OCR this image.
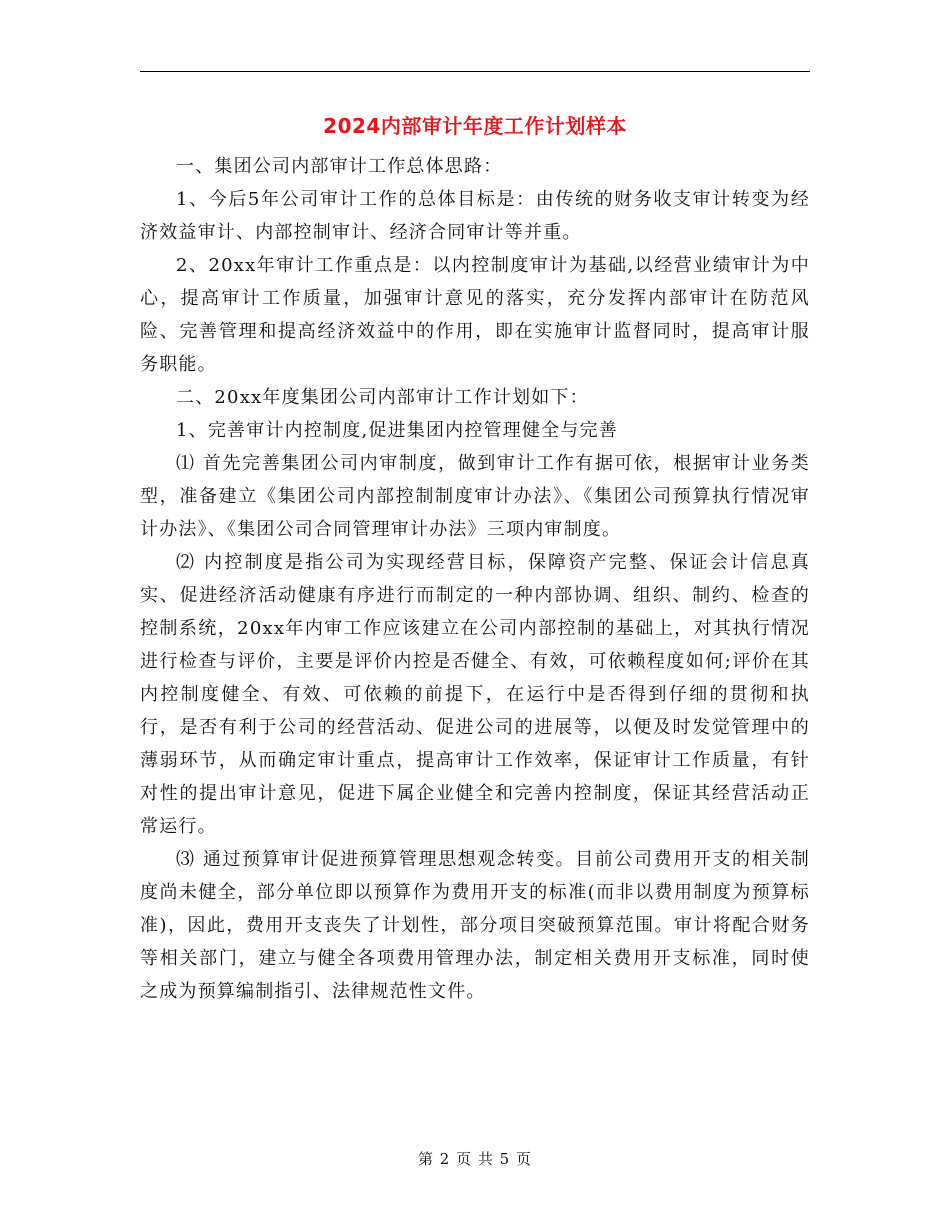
2024内部审计年度工作计划样本

一、集团公司内部审计工作总体思路：

1、今后5年公司审计工作的总体目标是：由传统的财务收支审计转变为经济效益审计、内部控制审计、经济合同审计等并重。

2、20xx年审计工作重点是：以内控制度审计为基础,以经营业绩审计为中心，提高审计工作质量，加强审计意见的落实，充分发挥内部审计在防范风险、完善管理和提高经济效益中的作用，即在实施审计监督同时，提高审计服务职能。

二、20xx年度集团公司内部审计工作计划如下：

1、完善审计内控制度,促进集团内控管理健全与完善

⑴ 首先完善集团公司内审制度，做到审计工作有据可依，根据审计业务类型，准备建立《集团公司内部控制制度审计办法》、《集团公司预算执行情况审计办法》、《集团公司合同管理审计办法》三项内审制度。

⑵ 内控制度是指公司为实现经营目标，保障资产完整、保证会计信息真实、促进经济活动健康有序进行而制定的一种内部协调、组织、制约、检查的控制系统，20xx年内审工作应该建立在公司内部控制的基础上，对其执行情况进行检查与评价，主要是评价内控是否健全、有效，可依赖程度如何;评价在其内控制度健全、有效、可依赖的前提下，在运行中是否得到仔细的贯彻和执行，是否有利于公司的经营活动、促进公司的进展等，以便及时发觉管理中的薄弱环节，从而确定审计重点，提高审计工作效率，保证审计工作质量，有针对性的提出审计意见，促进下属企业健全和完善内控制度，保证其经营活动正常运行。

⑶ 通过预算审计促进预算管理思想观念转变。目前公司费用开支的相关制度尚未健全，部分单位即以预算作为费用开支的标准(而非以费用制度为预算标准)，因此，费用开支丧失了计划性，部分项目突破预算范围。审计将配合财务等相关部门，建立与健全各项费用管理办法，制定相关费用开支标准，同时使之成为预算编制指引、法律规范性文件。

第 2 页 共 5 页
